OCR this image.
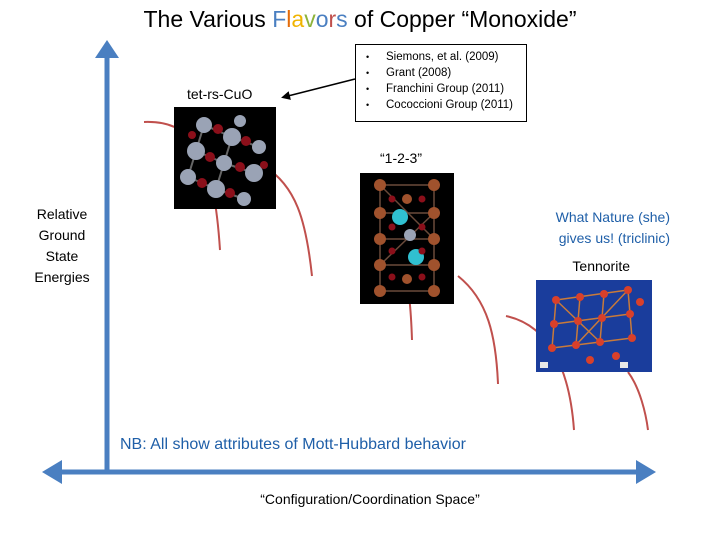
The Various Flavors of Copper “Monoxide”
• Siemons, et al. (2009)
• Grant (2008)
• Franchini Group (2011)
• Cococcioni Group (2011)
tet-rs-CuO
“1-2-3”
Relative
Ground
State
Energies
What Nature (she)
gives us! (triclinic)
Tennorite
NB: All show attributes of Mott-Hubbard behavior
“Configuration/Coordination Space”
